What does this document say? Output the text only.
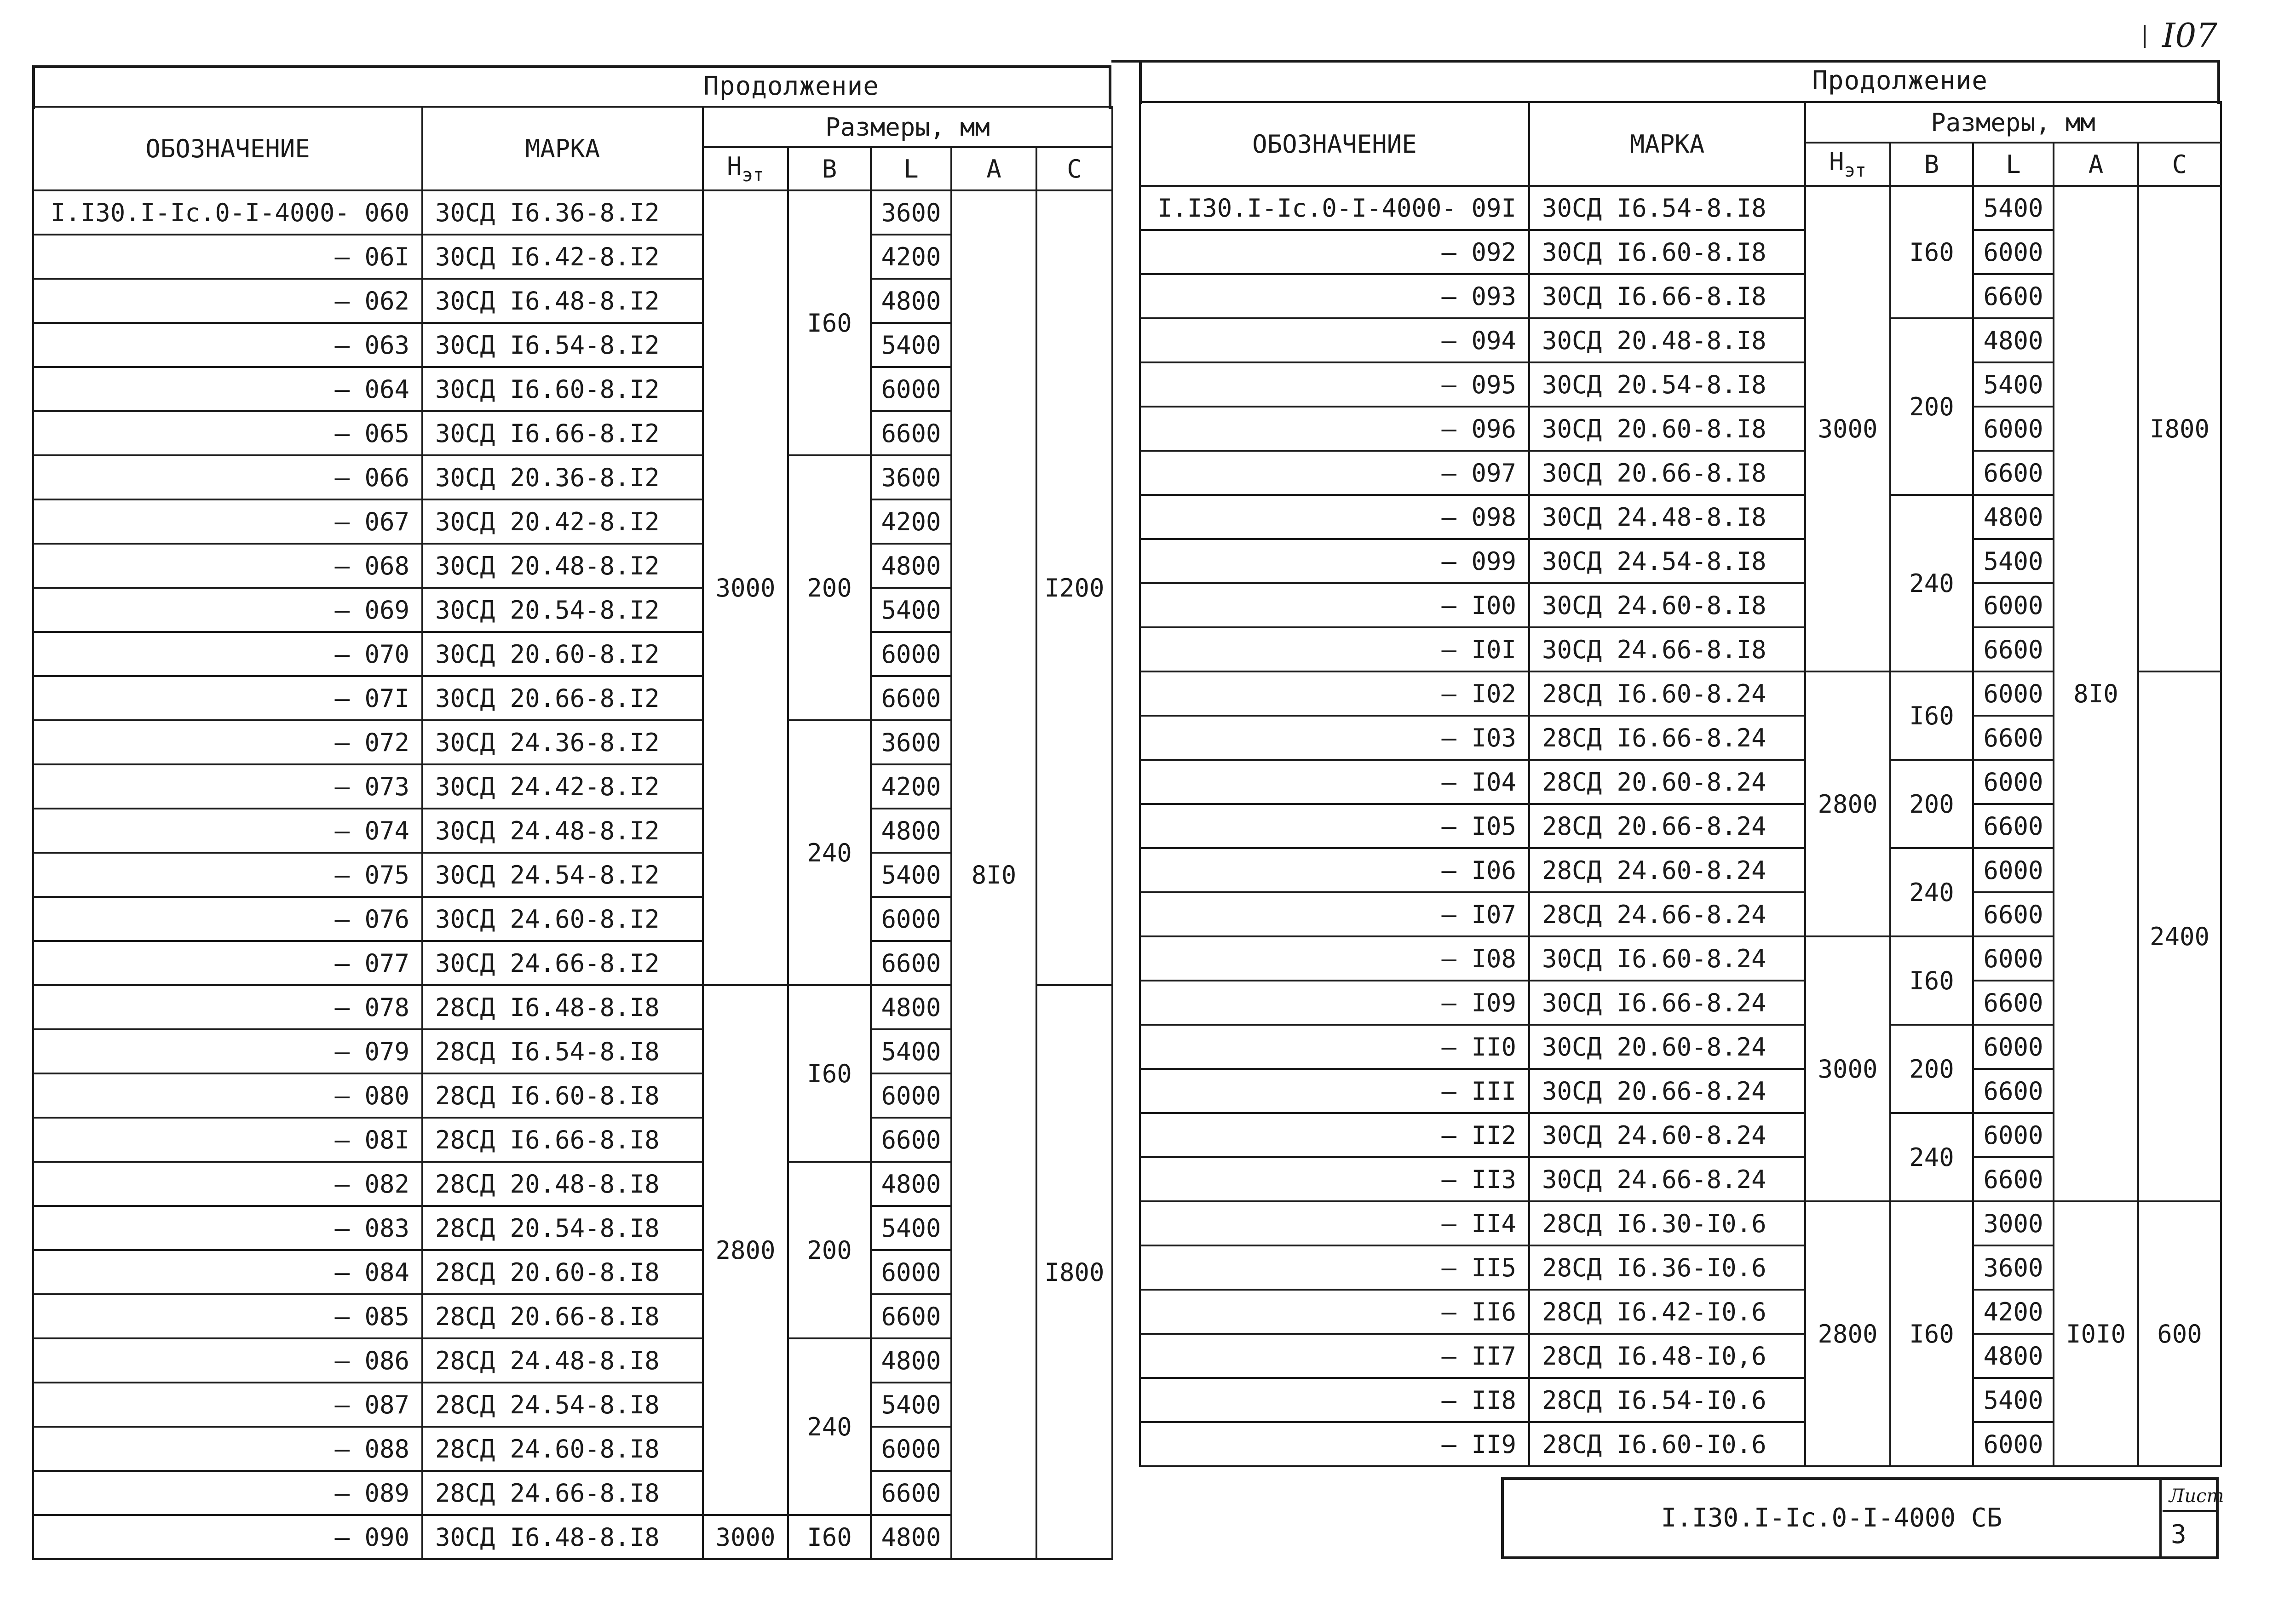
I07
Продолжение
ОБОЗНАЧЕНИЕ	МАРКА	Размеры, мм				
		$Н_{эт}$	В	L	А	С
I.I30.I-Ic.0-I-4000- 060	30СД I6.36-8.I2	3000	I60	3600	8I0	I200
– 06I	30СД I6.42-8.I2			4200		
– 062	30СД I6.48-8.I2			4800		
– 063	30СД I6.54-8.I2			5400		
– 064	30СД I6.60-8.I2			6000		
– 065	30СД I6.66-8.I2			6600		
– 066	30СД 20.36-8.I2		200	3600		
– 067	30СД 20.42-8.I2			4200		
– 068	30СД 20.48-8.I2			4800		
– 069	30СД 20.54-8.I2			5400		
– 070	30СД 20.60-8.I2			6000		
– 07I	30СД 20.66-8.I2			6600		
– 072	30СД 24.36-8.I2		240	3600		
– 073	30СД 24.42-8.I2			4200		
– 074	30СД 24.48-8.I2			4800		
– 075	30СД 24.54-8.I2			5400		
– 076	30СД 24.60-8.I2			6000		
– 077	30СД 24.66-8.I2			6600		
– 078	28СД I6.48-8.I8	2800	I60	4800		I800
– 079	28СД I6.54-8.I8			5400		
– 080	28СД I6.60-8.I8			6000		
– 08I	28СД I6.66-8.I8			6600		
– 082	28СД 20.48-8.I8		200	4800		
– 083	28СД 20.54-8.I8			5400		
– 084	28СД 20.60-8.I8			6000		
– 085	28СД 20.66-8.I8			6600		
– 086	28СД 24.48-8.I8		240	4800		
– 087	28СД 24.54-8.I8			5400		
– 088	28СД 24.60-8.I8			6000		
– 089	28СД 24.66-8.I8			6600		
– 090	30СД I6.48-8.I8	3000	I60	4800		
Продолжение
ОБОЗНАЧЕНИЕ	МАРКА	Размеры, мм				
		$Н_{эт}$	В	L	А	С
I.I30.I-Ic.0-I-4000- 09I	30СД I6.54-8.I8	3000	I60	5400	8I0	I800
– 092	30СД I6.60-8.I8			6000		
– 093	30СД I6.66-8.I8			6600		
– 094	30СД 20.48-8.I8		200	4800		
– 095	30СД 20.54-8.I8			5400		
– 096	30СД 20.60-8.I8			6000		
– 097	30СД 20.66-8.I8			6600		
– 098	30СД 24.48-8.I8		240	4800		
– 099	30СД 24.54-8.I8			5400		
– I00	30СД 24.60-8.I8			6000		
– I0I	30СД 24.66-8.I8			6600		
– I02	28СД I6.60-8.24	2800	I60	6000		2400
– I03	28СД I6.66-8.24			6600		
– I04	28СД 20.60-8.24		200	6000		
– I05	28СД 20.66-8.24			6600		
– I06	28СД 24.60-8.24		240	6000		
— I07	28СД 24.66-8.24			6600		
– I08	30СД I6.60-8.24	3000	I60	6000		
– I09	30СД I6.66-8.24			6600		
– II0	30СД 20.60-8.24		200	6000		
– III	30СД 20.66-8.24			6600		
– II2	30СД 24.60-8.24		240	6000		
– II3	30СД 24.66-8.24			6600		
– II4	28СД I6.30-I0.6	2800	I60	3000	I0I0	600
– II5	28СД I6.36-I0.6			3600		
– II6	28СД I6.42-I0.6			4200		
– II7	28СД I6.48-I0,6			4800		
– II8	28СД I6.54-I0.6			5400		
– II9	28СД I6.60-I0.6			6000		
I.I30.I-Ic.0-I-4000 СБ
Лист
3
